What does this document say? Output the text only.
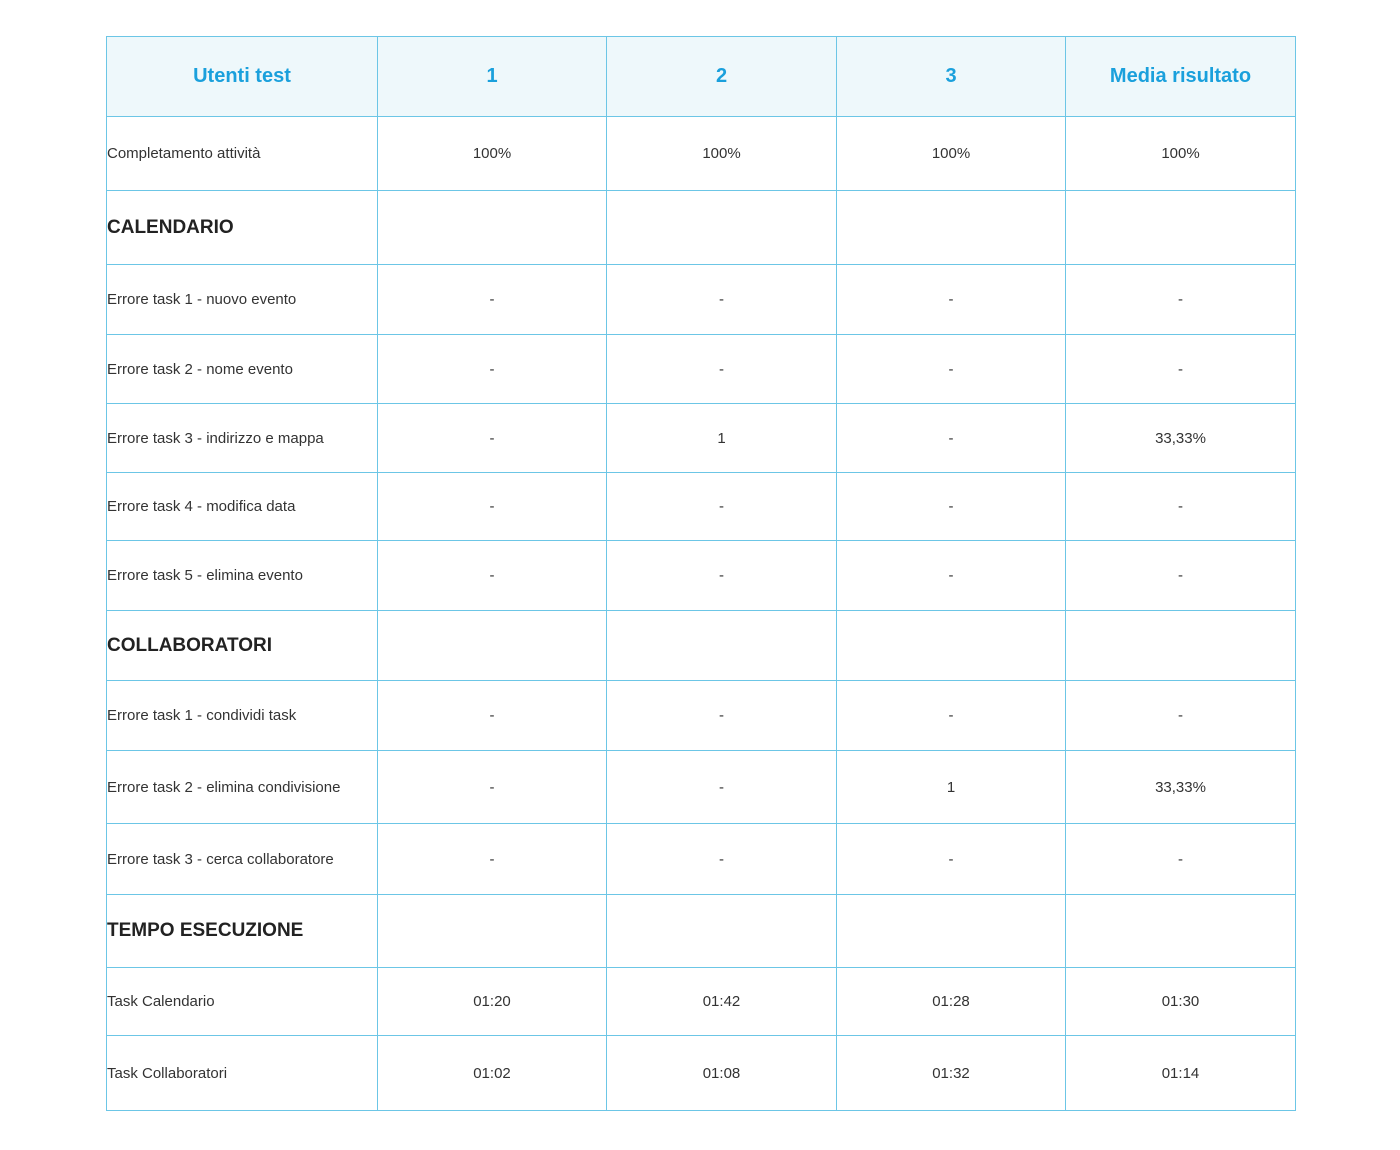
Utenti test	1	2	3	Media risultato
Completamento attività	100%	100%	100%	100%
CALENDARIO				
Errore task 1 - nuovo evento	-	-	-	-
Errore task 2 - nome evento	-	-	-	-
Errore task 3 - indirizzo e mappa	-	1	-	33,33%
Errore task 4 - modifica data	-	-	-	-
Errore task 5 - elimina evento	-	-	-	-
COLLABORATORI				
Errore task 1 - condividi task	-	-	-	-
Errore task 2 - elimina condivisione	-	-	1	33,33%
Errore task 3 - cerca collaboratore	-	-	-	-
TEMPO ESECUZIONE				
Task Calendario	01:20	01:42	01:28	01:30
Task Collaboratori	01:02	01:08	01:32	01:14
